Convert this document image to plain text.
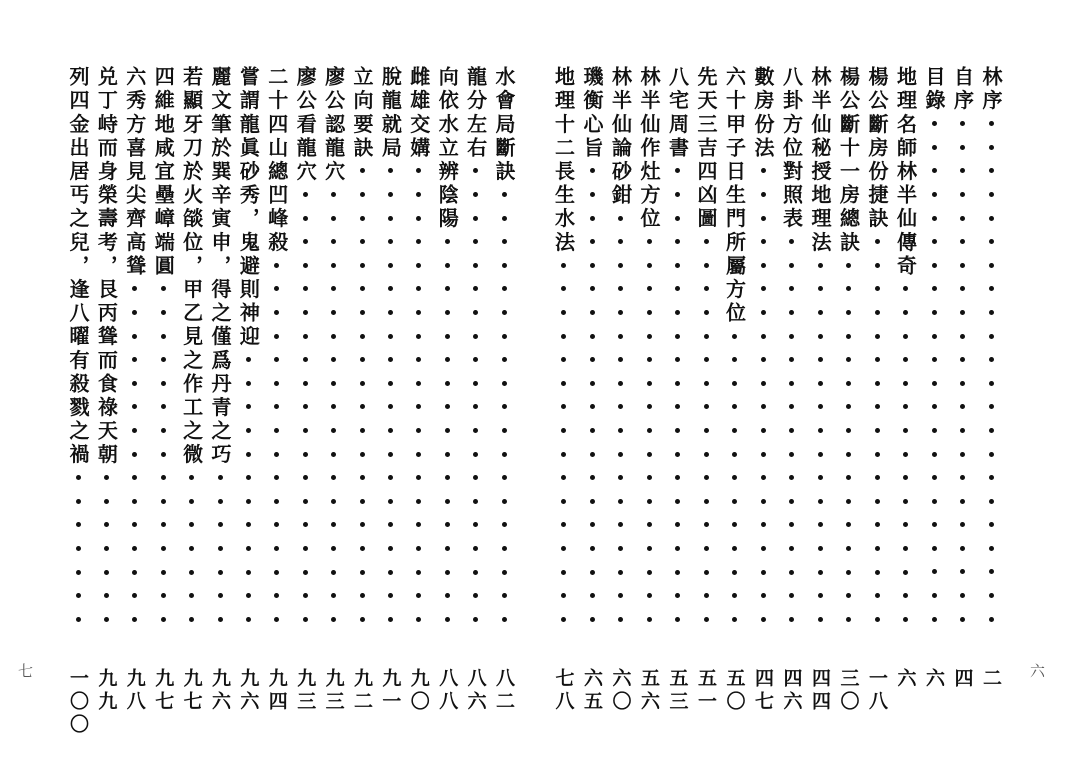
水會局斷訣
八二
龍分左右
八六
向依水立辨陰陽
八八
雌雄交媾
九〇
脫龍就局
九一
立向要訣
九二
廖公認龍穴
九三
廖公看龍穴
九三
二十四山總凹峰殺
九四
嘗謂龍眞砂秀，鬼避則神迎
九六
麗文筆於巽辛寅申，得之僅爲丹青之巧
九六
若顯牙刀於火燄位，甲乙見之作工之微
九七
四維地咸宜壘嶂端圓
九七
六秀方喜見尖齊高聳
九八
兑丁峙而身榮壽考，艮丙聳而食祿天朝
九九
列四金出居丐之兒，逢八曜有殺戮之禍
一〇〇
七
林序
二
自序
四
目錄
六
地理名師林半仙傳奇
六
楊公斷房份捷訣
一八
楊公斷十一房總訣
三〇
林半仙秘授地理法
四四
八卦方位對照表
四六
數房份法
四七
六十甲子日生門所屬方位
五〇
先天三吉四凶圖
五一
八宅周書
五三
林半仙作灶方位
五六
林半仙論砂鉗
六〇
璣衡心旨
六五
地理十二長生水法
七八	六
